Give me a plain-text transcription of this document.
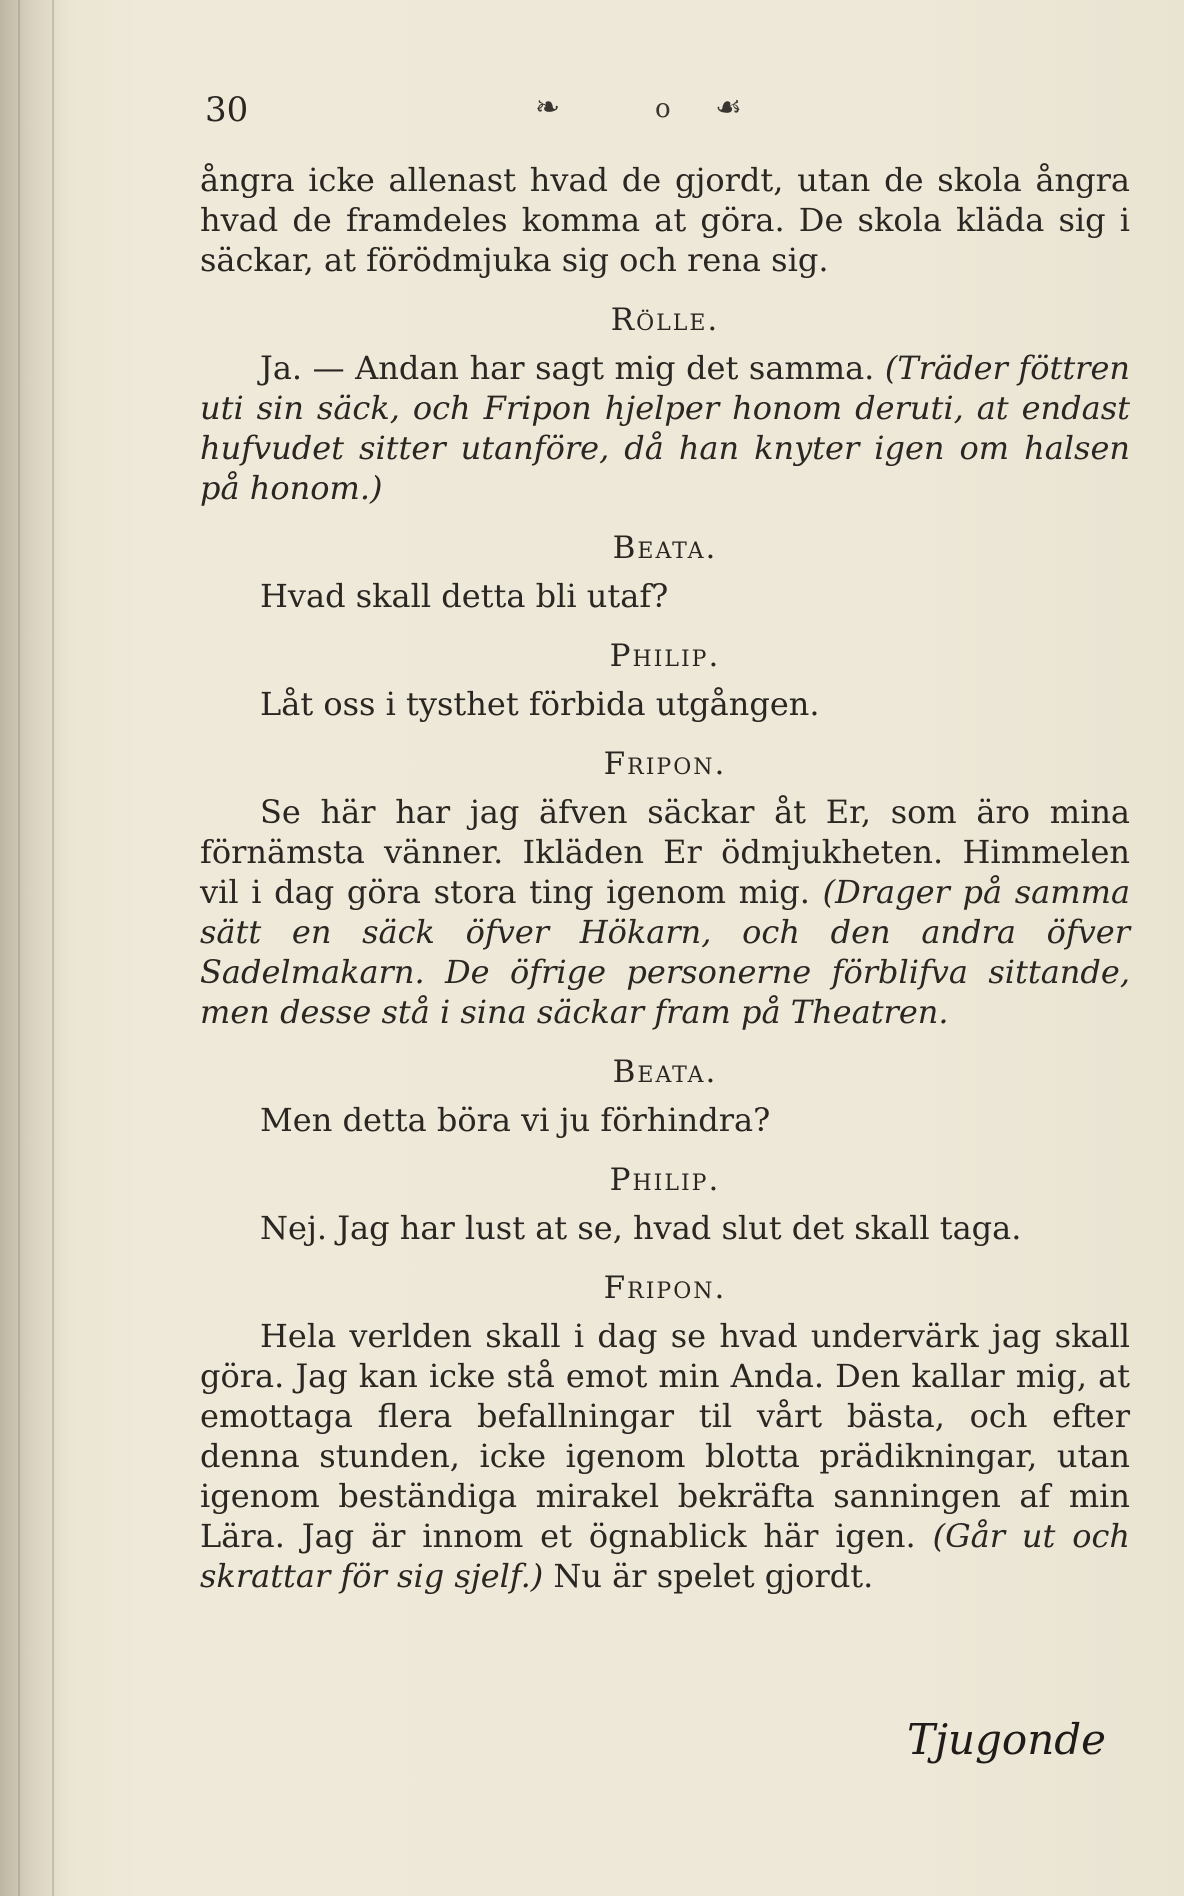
30	❧	o ☙

ångra icke allenast hvad de gjordt, utan de skola ångra hvad de framdeles komma at göra. De skola kläda sig i säckar, at förödmjuka sig och rena sig.

Rölle.

Ja. — Andan har sagt mig det samma. (Träder föttren uti sin säck, och Fripon hjelper honom deruti, at endast hufvudet sitter utanföre, då han knyter igen om halsen på honom.)

Beata.

Hvad skall detta bli utaf?

Philip.

Låt oss i tysthet förbida utgången.

Fripon.

Se här har jag äfven säckar åt Er, som äro mina förnämsta vänner. Ikläden Er ödmjukheten. Himmelen vil i dag göra stora ting igenom mig. (Drager på samma sätt en säck öfver Hökarn, och den andra öfver Sadelmakarn. De öfrige personerne förblifva sittande, men desse stå i sina säckar fram på Theatren.

Beata.

Men detta böra vi ju förhindra?

Philip.

Nej. Jag har lust at se, hvad slut det skall taga.

Fripon.

Hela verlden skall i dag se hvad undervärk jag skall göra. Jag kan icke stå emot min Anda. Den kallar mig, at emottaga flera befallningar til vårt bästa, och efter denna stunden, icke igenom blotta prädikningar, utan igenom beständiga mirakel bekräfta sanningen af min Lära. Jag är innom et ögnablick här igen. (Går ut och skrattar för sig sjelf.) Nu är spelet gjordt.

Tjugonde
